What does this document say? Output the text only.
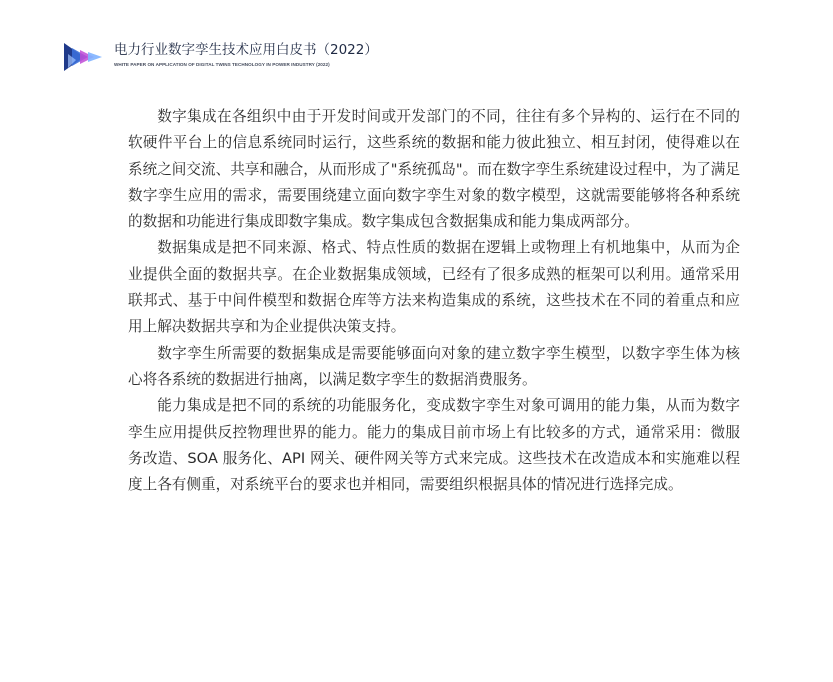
电力行业数字孪生技术应用白皮书（2022）
WHITE PAPER ON APPLICATION OF DIGITAL TWINS TECHNOLOGY IN POWER INDUSTRY (2022)

数字集成在各组织中由于开发时间或开发部门的不同，往往有多个异构的、运行在不同的软硬件平台上的信息系统同时运行，这些系统的数据和能力彼此独立、相互封闭，使得难以在系统之间交流、共享和融合，从而形成了"系统孤岛"。而在数字孪生系统建设过程中，为了满足数字孪生应用的需求，需要围绕建立面向数字孪生对象的数字模型，这就需要能够将各种系统的数据和功能进行集成即数字集成。数字集成包含数据集成和能力集成两部分。

数据集成是把不同来源、格式、特点性质的数据在逻辑上或物理上有机地集中，从而为企业提供全面的数据共享。在企业数据集成领域，已经有了很多成熟的框架可以利用。通常采用联邦式、基于中间件模型和数据仓库等方法来构造集成的系统，这些技术在不同的着重点和应用上解决数据共享和为企业提供决策支持。

数字孪生所需要的数据集成是需要能够面向对象的建立数字孪生模型，以数字孪生体为核心将各系统的数据进行抽离，以满足数字孪生的数据消费服务。

能力集成是把不同的系统的功能服务化，变成数字孪生对象可调用的能力集，从而为数字孪生应用提供反控物理世界的能力。能力的集成目前市场上有比较多的方式，通常采用：微服务改造、SOA 服务化、API 网关、硬件网关等方式来完成。这些技术在改造成本和实施难以程度上各有侧重，对系统平台的要求也并相同，需要组织根据具体的情况进行选择完成。
